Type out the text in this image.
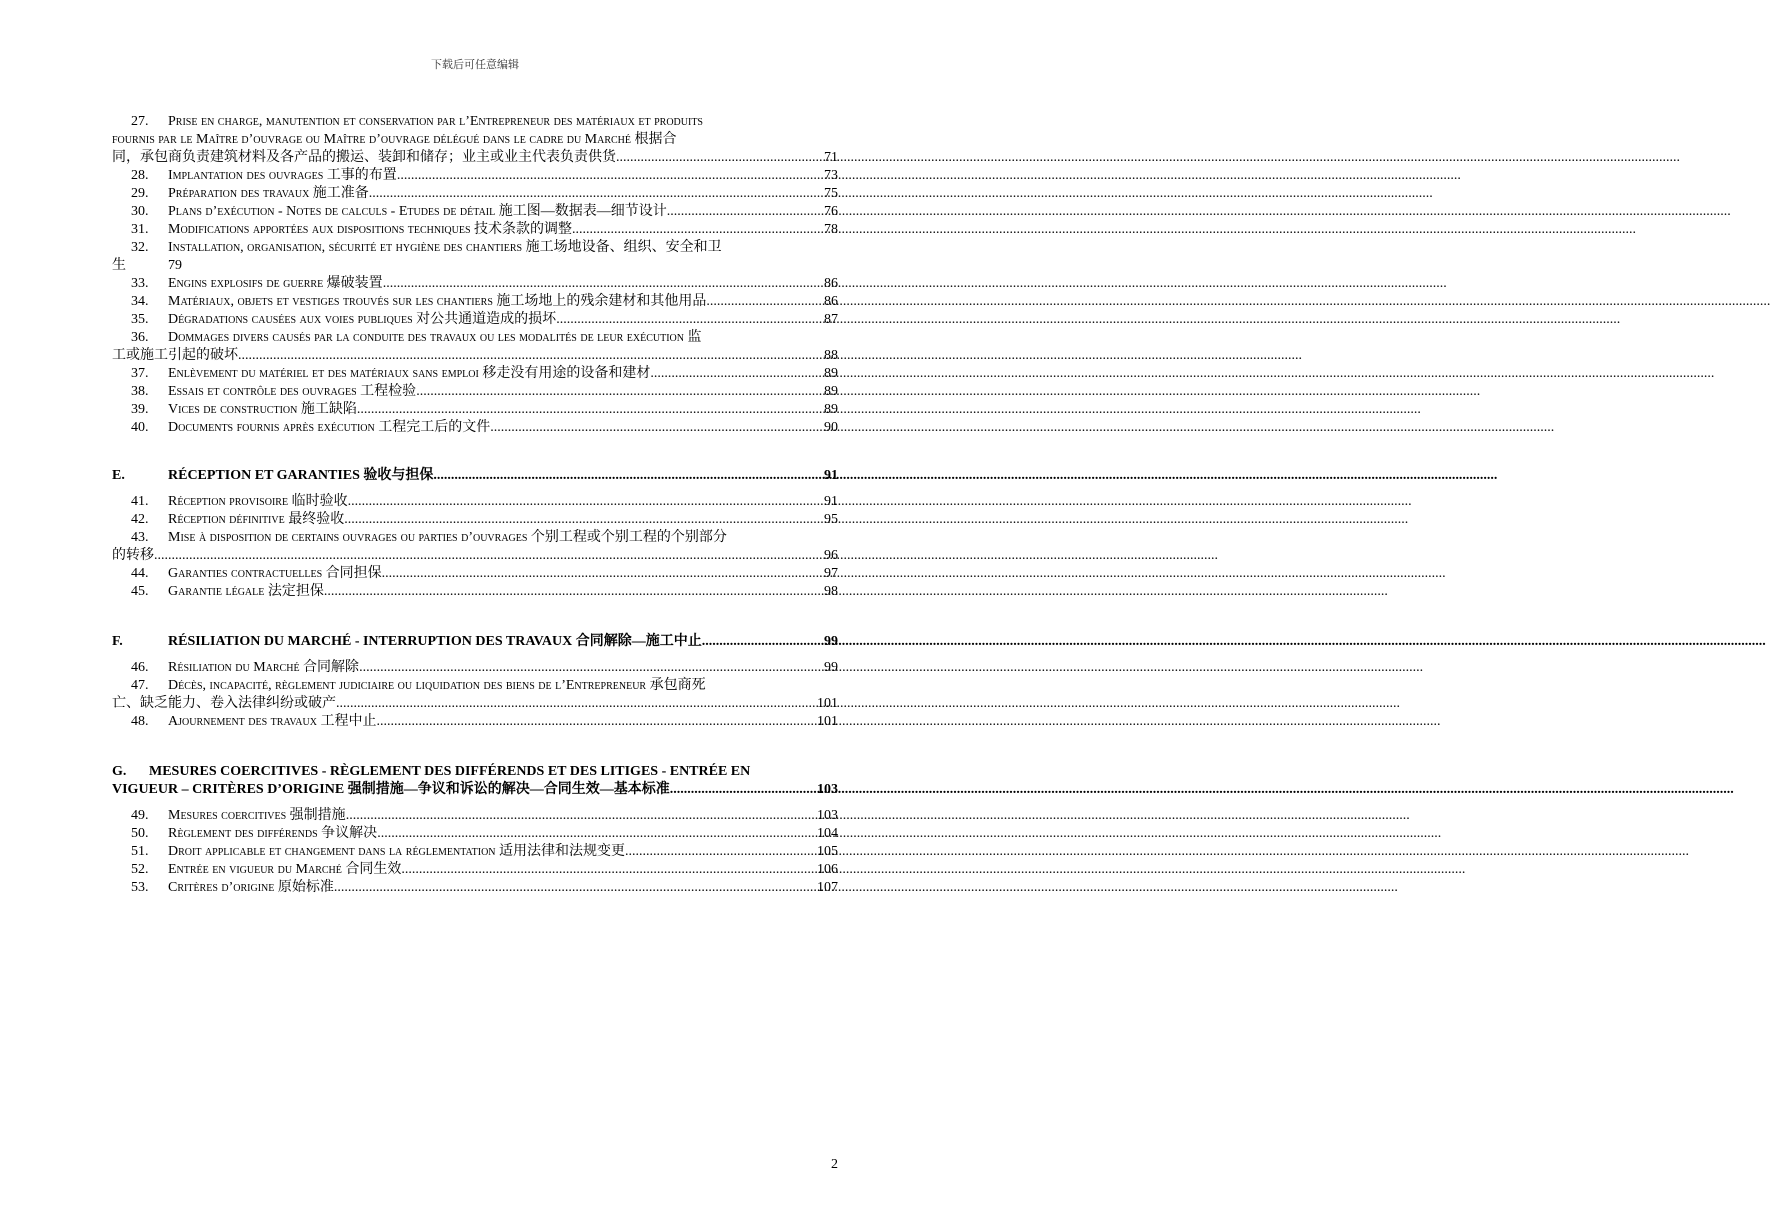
下载后可任意编辑
27. Prise en charge, manutention et conservation par l’Entrepreneur des matériaux et produits
fournis par le Maître d’ouvrage ou Maître d’ouvrage délégué dans le cadre du Marché 根据合
同，承包商负责建筑材料及各产品的搬运、装卸和储存；业主或业主代表负责供货 .....	71
28. Implantation des ouvrages 工事的布置 .....	73
29. Préparation des travaux 施工准备 .....	75
30. Plans d’exécution - Notes de calculs - Etudes de détail 施工图—数据表—细节设计 .....	76
31. Modifications apportées aux dispositions techniques 技术条款的调整 .....	78
32. Installation, organisation, sécurité et hygiène des chantiers 施工场地设备、组织、安全和卫
生	79
33. Engins explosifs de guerre 爆破装置 .....	86
34. Matériaux, objets et vestiges trouvés sur les chantiers 施工场地上的残余建材和其他用品 .....	86
35. Dégradations causées aux voies publiques 对公共通道造成的损坏 .....	87
36. Dommages divers causés par la conduite des travaux ou les modalités de leur exécution 监
工或施工引起的破坏 .....	88
37. Enlèvement du matériel et des matériaux sans emploi 移走没有用途的设备和建材 .....	89
38. Essais et contrôle des ouvrages 工程检验 .....	89
39. Vices de construction 施工缺陷 .....	89
40. Documents fournis après exécution 工程完工后的文件 .....	90
E.	RÉCEPTION ET GARANTIES 验收与担保 .....	91
41. Réception provisoire 临时验收 .....	91
42. Réception définitive 最终验收 .....	95
43. Mise à disposition de certains ouvrages ou parties d’ouvrages 个别工程或个别工程的个别部分
的转移 .....	96
44. Garanties contractuelles 合同担保 .....	97
45. Garantie légale 法定担保 .....	98
F.	RÉSILIATION DU MARCHÉ - INTERRUPTION DES TRAVAUX 合同解除—施工中止 .....	99
46. Résiliation du Marché 合同解除 .....	99
47. Décès, incapacité, règlement judiciaire ou liquidation des biens de l’Entrepreneur 承包商死
亡、缺乏能力、卷入法律纠纷或破产 .....	101
48. Ajournement des travaux 工程中止 .....	101
G. MESURES COERCITIVES - RÈGLEMENT DES DIFFÉRENDS ET DES LITIGES - ENTRÉE EN
VIGUEUR – CRITÈRES D’ORIGINE 强制措施—争议和诉讼的解决—合同生效—基本标准 .....	103
49. Mesures coercitives 强制措施 .....	103
50. Règlement des différends 争议解决 .....	104
51. Droit applicable et changement dans la réglementation 适用法律和法规变更 .....	105
52. Entrée en vigueur du Marché 合同生效 .....	106
53. Critères d’origine 原始标准 .....	107
2
